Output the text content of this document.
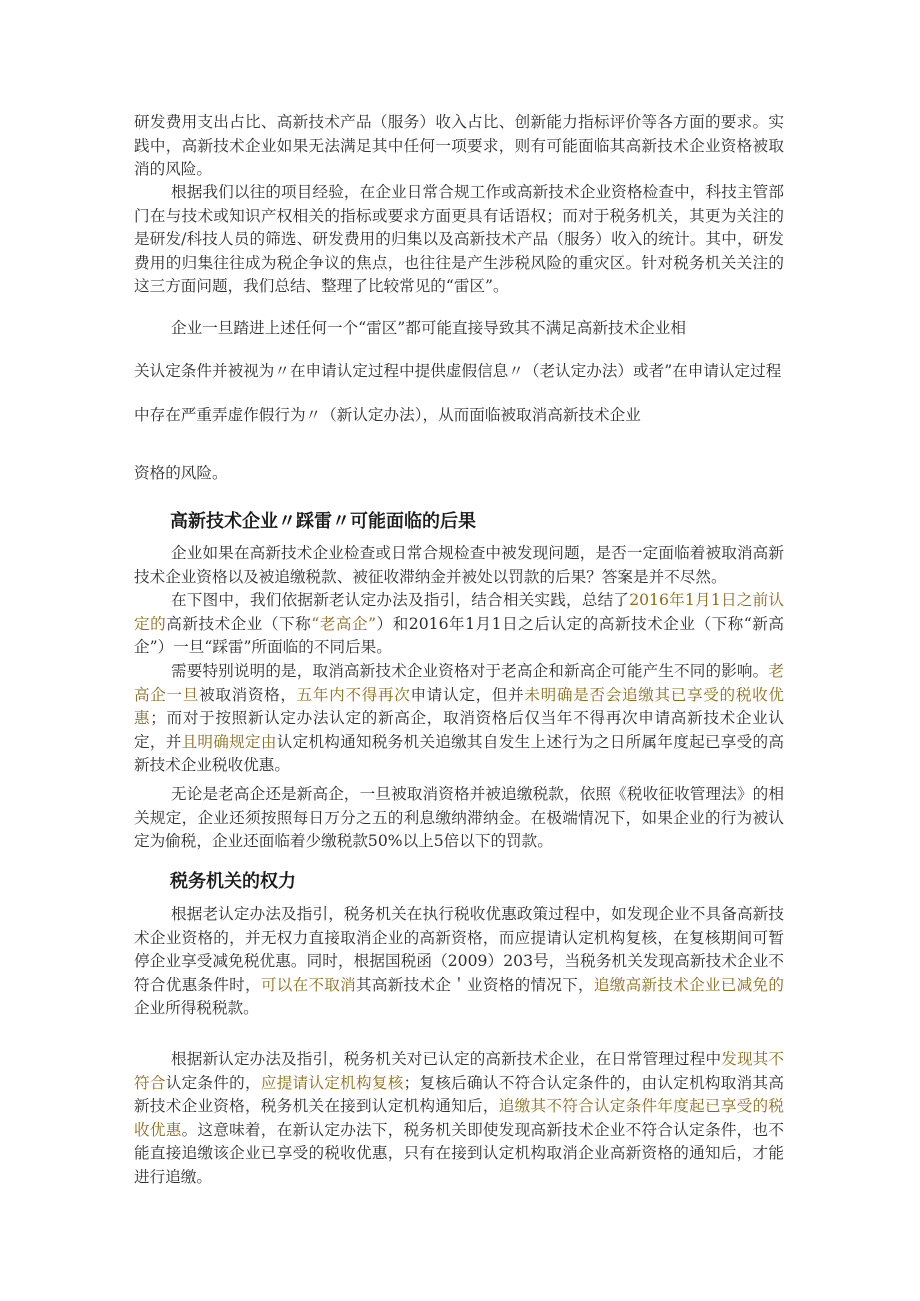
研发费用支出占比、高新技术产品（服务）收入占比、创新能力指标评价等各方面的要求。实践中，高新技术企业如果无法满足其中任何一项要求，则有可能面临其高新技术企业资格被取消的风险。

根据我们以往的项目经验，在企业日常合规工作或高新技术企业资格检查中，科技主管部门在与技术或知识产权相关的指标或要求方面更具有话语权；而对于税务机关，其更为关注的是研发/科技人员的筛选、研发费用的归集以及高新技术产品（服务）收入的统计。其中，研发费用的归集往往成为税企争议的焦点，也往往是产生涉税风险的重灾区。针对税务机关关注的这三方面问题，我们总结、整理了比较常见的“雷区”。

企业一旦踏进上述任何一个“雷区”都可能直接导致其不满足高新技术企业相
关认定条件并被视为〃在申请认定过程中提供虚假信息〃（老认定办法）或者”在申请认定过程
中存在严重弄虚作假行为〃（新认定办法），从而面临被取消高新技术企业
资格的风险。
高新技术企业〃踩雷〃可能面临的后果

企业如果在高新技术企业检查或日常合规检查中被发现问题，是否一定面临着被取消高新技术企业资格以及被追缴税款、被征收滞纳金并被处以罚款的后果？答案是并不尽然。

在下图中，我们依据新老认定办法及指引，结合相关实践，总结了2016年1月1日之前认定的高新技术企业（下称“老高企”）和2016年1月1日之后认定的高新技术企业（下称“新高企”）一旦“踩雷”所面临的不同后果。

需要特别说明的是，取消高新技术企业资格对于老高企和新高企可能产生不同的影响。老高企一旦被取消资格，五年内不得再次申请认定，但并未明确是否会追缴其已享受的税收优惠；而对于按照新认定办法认定的新高企，取消资格后仅当年不得再次申请高新技术企业认定，并且明确规定由认定机构通知税务机关追缴其自发生上述行为之日所属年度起已享受的高新技术企业税收优惠。

无论是老高企还是新高企，一旦被取消资格并被追缴税款，依照《税收征收管理法》的相关规定，企业还须按照每日万分之五的利息缴纳滞纳金。在极端情况下，如果企业的行为被认定为偷税，企业还面临着少缴税款50%以上5倍以下的罚款。

税务机关的权力

根据老认定办法及指引，税务机关在执行税收优惠政策过程中，如发现企业不具备高新技术企业资格的，并无权力直接取消企业的高新资格，而应提请认定机构复核，在复核期间可暂停企业享受减免税优惠。同时，根据国税函（2009）203号，当税务机关发现高新技术企业不符合优惠条件时，可以在不取消其高新技术企＇业资格的情况下，追缴高新技术企业已减免的企业所得税税款。

根据新认定办法及指引，税务机关对已认定的高新技术企业，在日常管理过程中发现其不符合认定条件的，应提请认定机构复核；复核后确认不符合认定条件的，由认定机构取消其高新技术企业资格，税务机关在接到认定机构通知后，追缴其不符合认定条件年度起已享受的税收优惠。这意味着，在新认定办法下，税务机关即使发现高新技术企业不符合认定条件，也不能直接追缴该企业已享受的税收优惠，只有在接到认定机构取消企业高新资格的通知后，才能进行追缴。
